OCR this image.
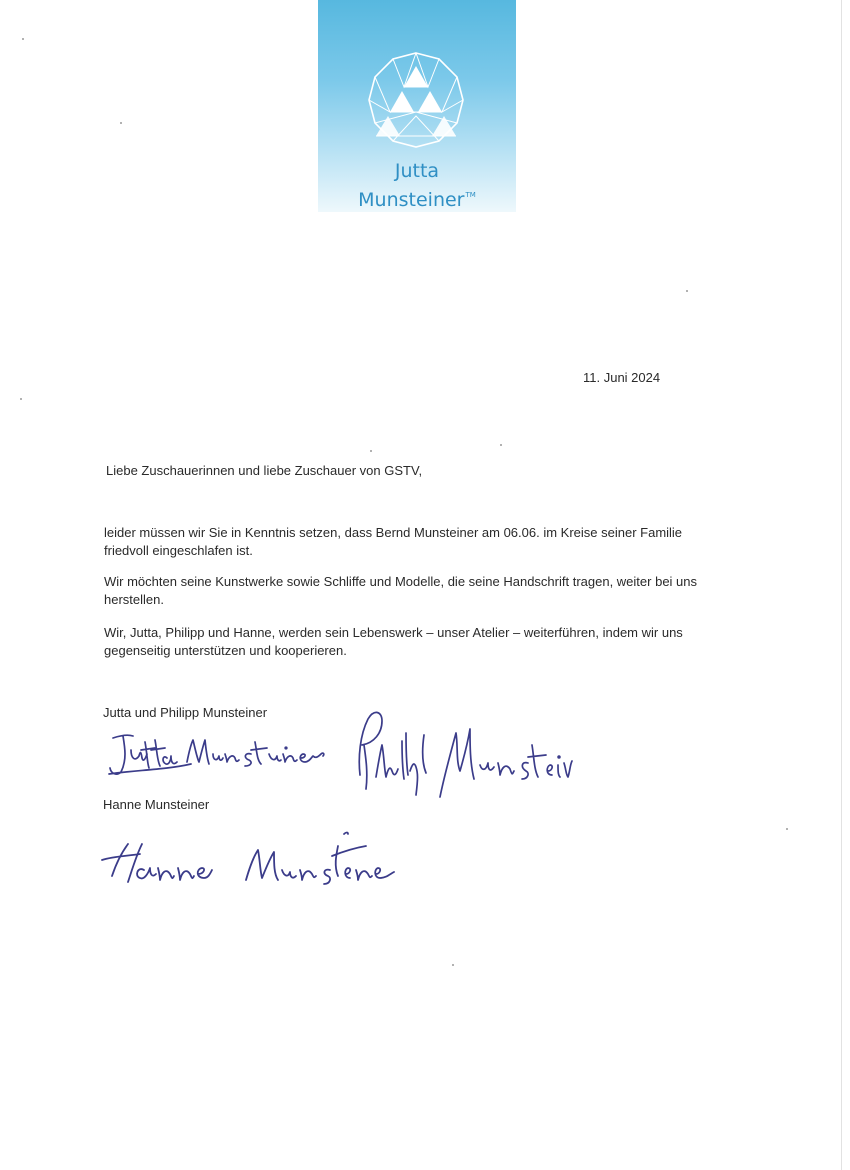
Jutta
Munsteiner™
11. Juni 2024
Liebe Zuschauerinnen und liebe Zuschauer von GSTV,

leider müssen wir Sie in Kenntnis setzen, dass Bernd Munsteiner am 06.06. im Kreise seiner Familie friedvoll eingeschlafen ist.

Wir möchten seine Kunstwerke sowie Schliffe und Modelle, die seine Handschrift tragen, weiter bei uns herstellen.

Wir, Jutta, Philipp und Hanne, werden sein Lebenswerk – unser Atelier – weiterführen, indem wir uns gegenseitig unterstützen und kooperieren.

Jutta und Philipp Munsteiner
Hanne Munsteiner
